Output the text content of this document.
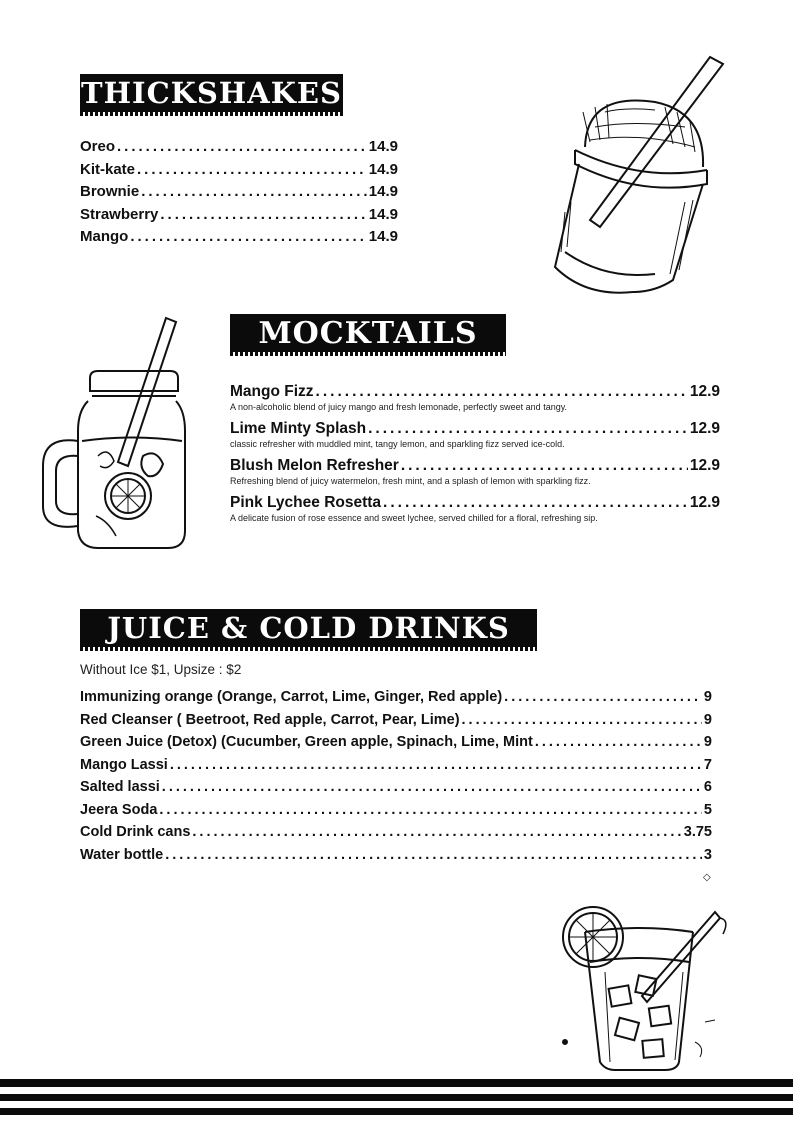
THICKSHAKES
Oreo .....	14.9
Kit-kate .....	14.9
Brownie .....	14.9
Strawberry .....	14.9
Mango .....	14.9
MOCKTAILS
Mango Fizz .....	12.9
A non-alcoholic blend of juicy mango and fresh lemonade, perfectly sweet and tangy.
Lime Minty Splash .....	12.9
classic refresher with muddled mint, tangy lemon, and sparkling fizz served ice-cold.
Blush Melon Refresher .....	12.9
Refreshing blend of juicy watermelon, fresh mint, and a splash of lemon with sparkling fizz.
Pink Lychee Rosetta .....	12.9
A delicate fusion of rose essence and sweet lychee, served chilled for a floral, refreshing sip.
JUICE & COLD DRINKS
Without Ice $1, Upsize : $2
Immunizing orange (Orange, Carrot, Lime, Ginger, Red apple) .....	9
Red Cleanser ( Beetroot, Red apple, Carrot, Pear, Lime) .....	9
Green Juice (Detox) (Cucumber, Green apple, Spinach, Lime, Mint .....	9
Mango Lassi .....	7
Salted lassi .....	6
Jeera Soda .....	5
Cold Drink cans .....	3.75
Water bottle .....	3
◇
